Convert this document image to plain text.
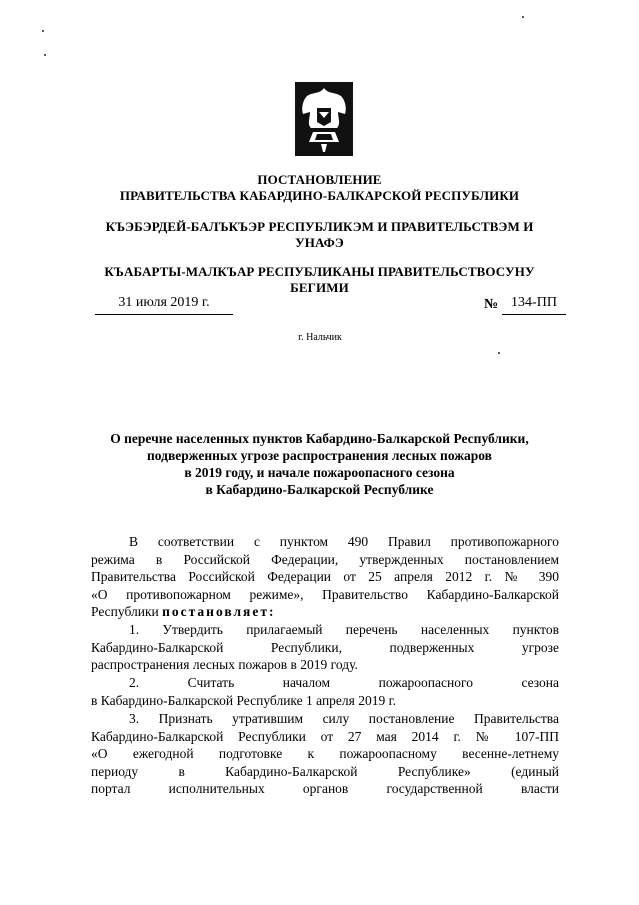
ПОСТАНОВЛЕНИЕ
ПРАВИТЕЛЬСТВА КАБАРДИНО-БАЛКАРСКОЙ РЕСПУБЛИКИ
КЪЭБЭРДЕЙ-БАЛЪКЪЭР РЕСПУБЛИКЭМ И ПРАВИТЕЛЬСТВЭМ И
УНАФЭ
КЪАБАРТЫ-МАЛКЪАР РЕСПУБЛИКАНЫ ПРАВИТЕЛЬСТВОСУНУ
БЕГИМИ
31 июля 2019 г.	№ 134-ПП
г. Нальчик
О перечне населенных пунктов Кабардино-Балкарской Республики,
подверженных угрозе распространения лесных пожаров
в 2019 году, и начале пожароопасного сезона
в Кабардино-Балкарской Республике

В соответствии с пунктом 490 Правил противопожарного

режима в Российской Федерации, утвержденных постановлением

Правительства Российской Федерации от 25 апреля 2012 г. № 390

«О противопожарном режиме», Правительство Кабардино-Балкарской

Республики постановляет:

1. Утвердить прилагаемый перечень населенных пунктов

Кабардино-Балкарской Республики, подверженных угрозе

распространения лесных пожаров в 2019 году.

2. Считать началом пожароопасного сезона

в Кабардино-Балкарской Республике 1 апреля 2019 г.

3. Признать утратившим силу постановление Правительства

Кабардино-Балкарской Республики от 27 мая 2014 г. № 107-ПП

«О ежегодной подготовке к пожароопасному весенне-летнему

периоду в Кабардино-Балкарской Республике» (единый

портал исполнительных органов государственной власти
